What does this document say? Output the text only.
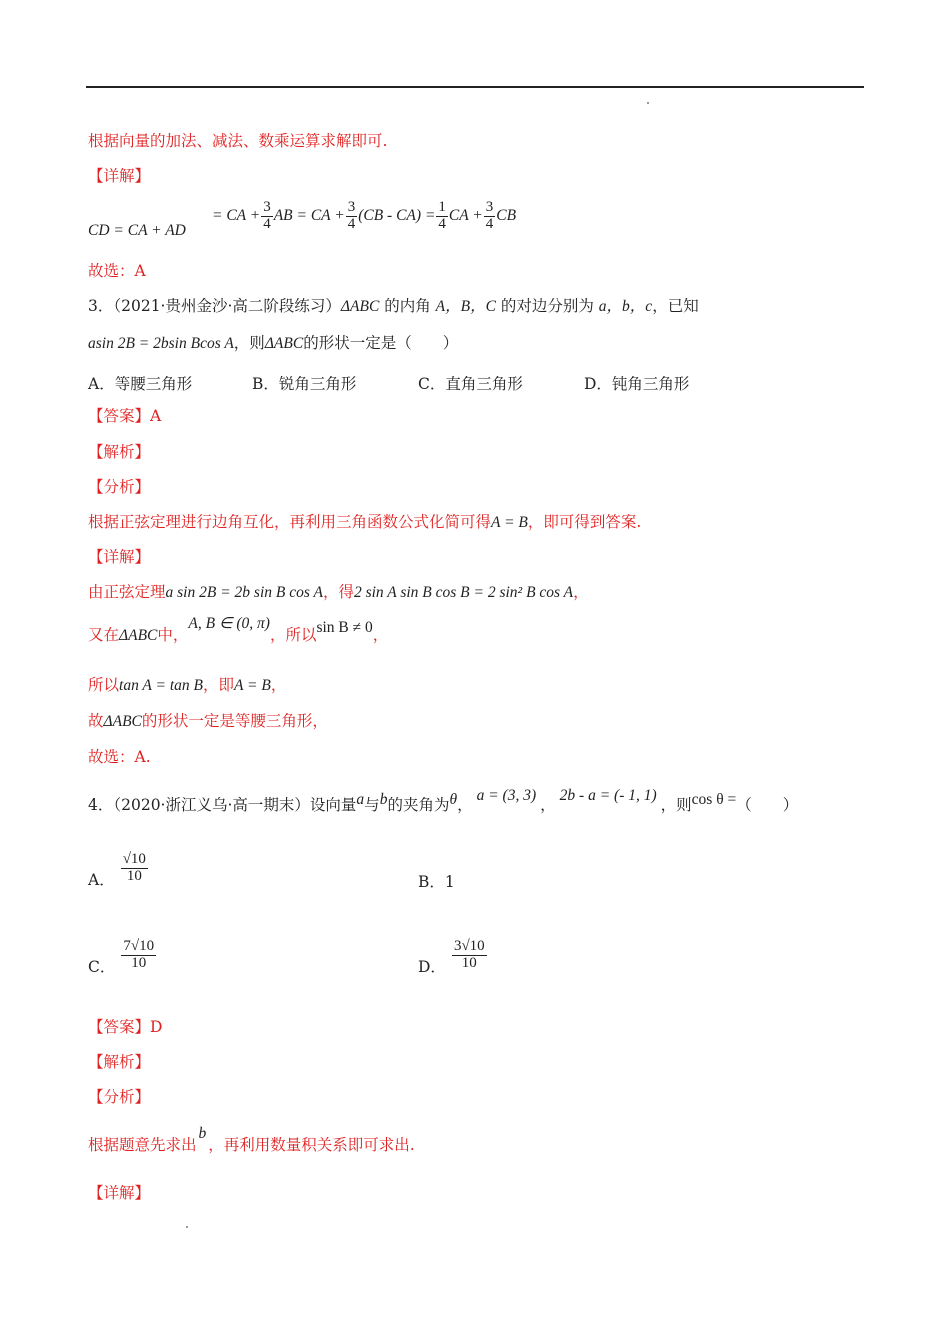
根据向量的加法、减法、数乘运算求解即可.
【详解】
CD = CA + AD
= CA + $\frac{3}{4}$ AB = CA + $\frac{3}{4} (CB - CA) = \frac{1}{4}$ CA + $\frac{3}{4}$ CB
故选：A
3．（2021·贵州金沙·高二阶段练习）ΔABC 的内角 A，B，C 的对边分别为 a，b，c，已知
asin 2B = 2bsin Bcos A，则ΔABC的形状一定是（　　）
A．等腰三角形	B．锐角三角形	C．直角三角形	D．钝角三角形
【答案】A
【解析】
【分析】
根据正弦定理进行边角互化，再利用三角函数公式化简可得A = B，即可得到答案.
【详解】
由正弦定理a sin 2B = 2b sin B cos A，得2 sin A sin B cos B = 2 sin² B cos A，
又在ΔABC中，A, B ∈ (0, π)，所以sin B ≠ 0，
所以tan A = tan B，即A = B，
故ΔABC的形状一定是等腰三角形，
故选：A.
4．（2020·浙江义乌·高一期末）设向量a与b的夹角为θ，a = (3, 3)，2b - a = (- 1, 1)，则cos θ =（　　）
A． $\frac{√10}{10}$	B．1
C． $\frac{7√10}{10}$	D． $\frac{3√10}{10}$
【答案】D
【解析】
【分析】
根据题意先求出b，再利用数量积关系即可求出.
【详解】
